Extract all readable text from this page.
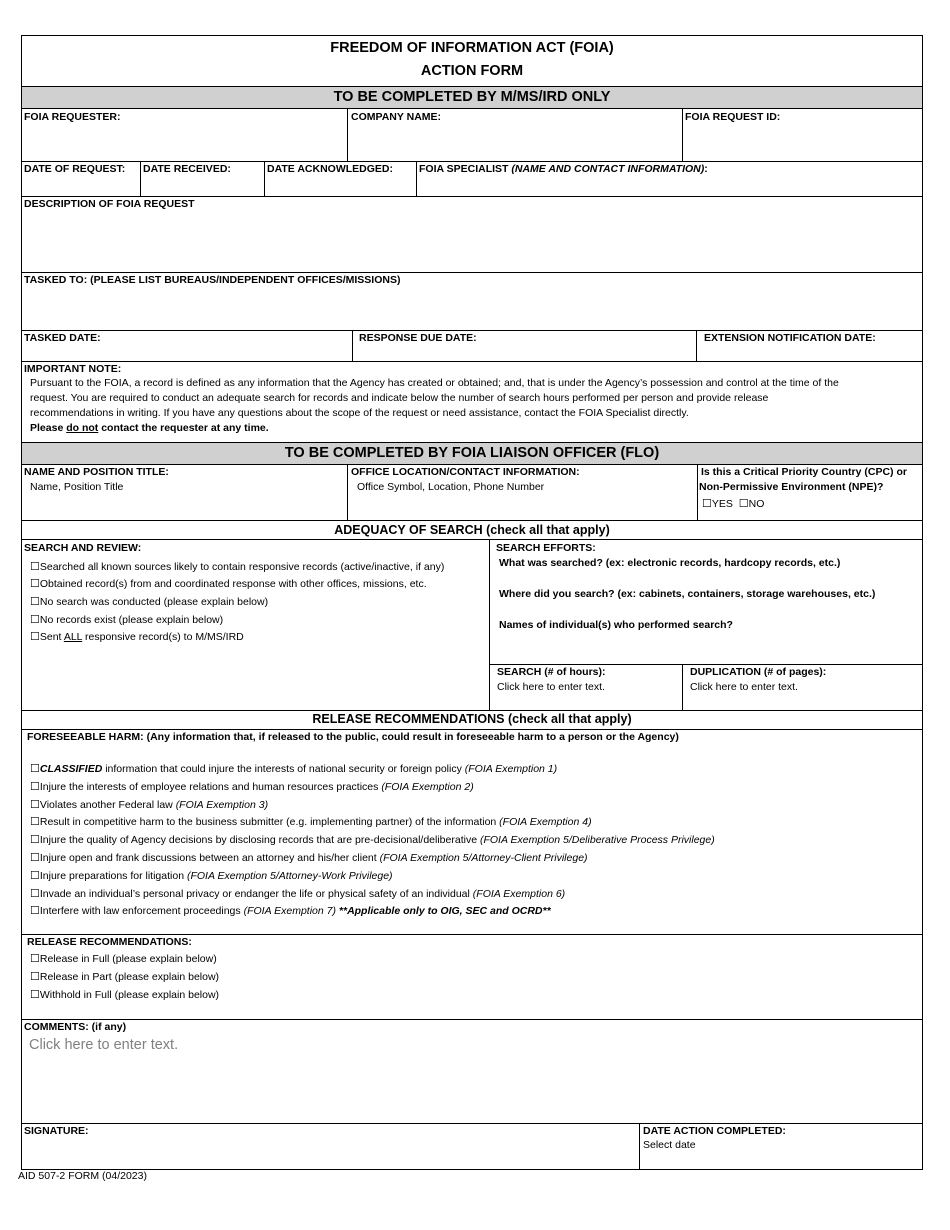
FREEDOM OF INFORMATION ACT (FOIA)
ACTION FORM
TO BE COMPLETED BY M/MS/IRD ONLY
FOIA REQUESTER:	COMPANY NAME:	FOIA REQUEST ID:
DATE OF REQUEST: DATE RECEIVED:	DATE ACKNOWLEDGED: FOIA SPECIALIST (NAME AND CONTACT INFORMATION):
DESCRIPTION OF FOIA REQUEST
TASKED TO: (PLEASE LIST BUREAUS/INDEPENDENT OFFICES/MISSIONS)
TASKED DATE:	RESPONSE DUE DATE:	EXTENSION NOTIFICATION DATE:
IMPORTANT NOTE:
Pursuant to the FOIA, a record is defined as any information that the Agency has created or obtained; and, that is under the Agency’s possession and control at the time of the
request. You are required to conduct an adequate search for records and indicate below the number of search hours performed per person and provide release
recommendations in writing. If you have any questions about the scope of the request or need assistance, contact the FOIA Specialist directly.
Please do not contact the requester at any time.
TO BE COMPLETED BY FOIA LIAISON OFFICER (FLO)
NAME AND POSITION TITLE:
Name, Position Title
OFFICE LOCATION/CONTACT INFORMATION:
Office Symbol, Location, Phone Number
Is this a Critical Priority Country (CPC) or
Non-Permissive Environment (NPE)?
☐YES ☐NO
ADEQUACY OF SEARCH (check all that apply)
SEARCH AND REVIEW:
☐Searched all known sources likely to contain responsive records (active/inactive, if any)
☐Obtained record(s) from and coordinated response with other offices, missions, etc.
☐No search was conducted (please explain below)
☐No records exist (please explain below)
☐Sent ALL responsive record(s) to M/MS/IRD
SEARCH EFFORTS:
What was searched? (ex: electronic records, hardcopy records, etc.)
Where did you search? (ex: cabinets, containers, storage warehouses, etc.)
Names of individual(s) who performed search?
SEARCH (# of hours):
Click here to enter text.
DUPLICATION (# of pages):
Click here to enter text.
RELEASE RECOMMENDATIONS (check all that apply)
FORESEEABLE HARM: (Any information that, if released to the public, could result in foreseeable harm to a person or the Agency)
☐CLASSIFIED information that could injure the interests of national security or foreign policy (FOIA Exemption 1)
☐Injure the interests of employee relations and human resources practices (FOIA Exemption 2)
☐Violates another Federal law (FOIA Exemption 3)
☐Result in competitive harm to the business submitter (e.g. implementing partner) of the information (FOIA Exemption 4)
☐Injure the quality of Agency decisions by disclosing records that are pre-decisional/deliberative (FOIA Exemption 5/Deliberative Process Privilege)
☐Injure open and frank discussions between an attorney and his/her client (FOIA Exemption 5/Attorney-Client Privilege)
☐Injure preparations for litigation (FOIA Exemption 5/Attorney-Work Privilege)
☐Invade an individual’s personal privacy or endanger the life or physical safety of an individual (FOIA Exemption 6)
☐Interfere with law enforcement proceedings (FOIA Exemption 7) **Applicable only to OIG, SEC and OCRD**
RELEASE RECOMMENDATIONS:
☐Release in Full (please explain below)
☐Release in Part (please explain below)
☐Withhold in Full (please explain below)
COMMENTS: (if any)
Click here to enter text.
SIGNATURE:	DATE ACTION COMPLETED:
Select date
AID 507-2 FORM (04/2023)
